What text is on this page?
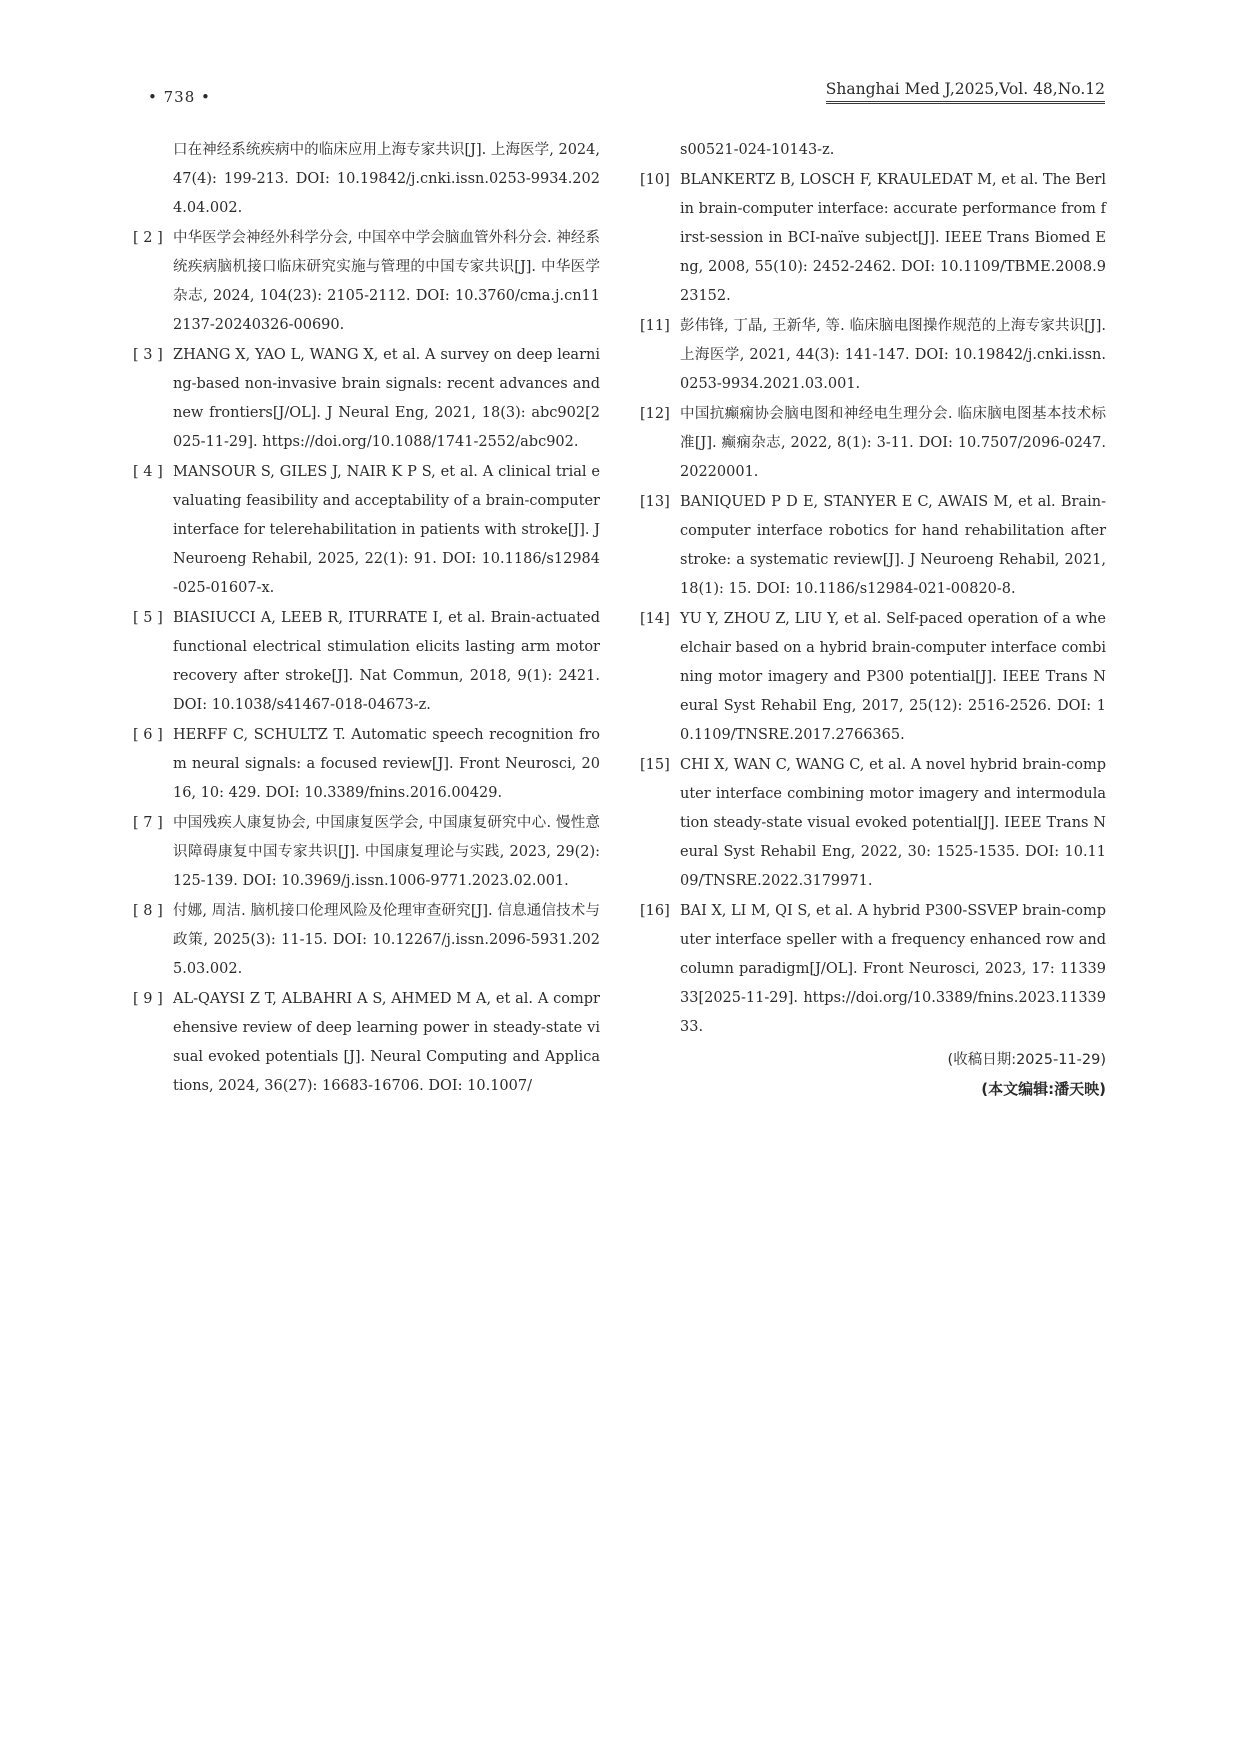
• 738 •	Shanghai Med J,2025,Vol. 48,No.12
口在神经系统疾病中的临床应用上海专家共识[J]. 上海医学, 2024, 47(4): 199-213. DOI: 10.19842/j.cnki.issn.0253-9934.2024.04.002.
[ 2 ] 中华医学会神经外科学分会, 中国卒中学会脑血管外科分会. 神经系统疾病脑机接口临床研究实施与管理的中国专家共识[J]. 中华医学杂志, 2024, 104(23): 2105-2112. DOI: 10.3760/cma.j.cn112137-20240326-00690.
[ 3 ] ZHANG X, YAO L, WANG X, et al. A survey on deep learning-based non-invasive brain signals: recent advances and new frontiers[J/OL]. J Neural Eng, 2021, 18(3): abc902[2025-11-29]. https://doi.org/10.1088/1741-2552/abc902.
[ 4 ] MANSOUR S, GILES J, NAIR K P S, et al. A clinical trial evaluating feasibility and acceptability of a brain-computer interface for telerehabilitation in patients with stroke[J]. J Neuroeng Rehabil, 2025, 22(1): 91. DOI: 10.1186/s12984-025-01607-x.
[ 5 ] BIASIUCCI A, LEEB R, ITURRATE I, et al. Brain-actuated functional electrical stimulation elicits lasting arm motor recovery after stroke[J]. Nat Commun, 2018, 9(1): 2421. DOI: 10.1038/s41467-018-04673-z.
[ 6 ] HERFF C, SCHULTZ T. Automatic speech recognition from neural signals: a focused review[J]. Front Neurosci, 2016, 10: 429. DOI: 10.3389/fnins.2016.00429.
[ 7 ] 中国残疾人康复协会, 中国康复医学会, 中国康复研究中心. 慢性意识障碍康复中国专家共识[J]. 中国康复理论与实践, 2023, 29(2): 125-139. DOI: 10.3969/j.issn.1006-9771.2023.02.001.
[ 8 ] 付娜, 周洁. 脑机接口伦理风险及伦理审查研究[J]. 信息通信技术与政策, 2025(3): 11-15. DOI: 10.12267/j.issn.2096-5931.2025.03.002.
[ 9 ] AL-QAYSI Z T, ALBAHRI A S, AHMED M A, et al. A comprehensive review of deep learning power in steady-state visual evoked potentials [J]. Neural Computing and Applications, 2024, 36(27): 16683-16706. DOI: 10.1007/
s00521-024-10143-z.
[10] BLANKERTZ B, LOSCH F, KRAULEDAT M, et al. The Berlin brain-computer interface: accurate performance from first-session in BCI-naïve subject[J]. IEEE Trans Biomed Eng, 2008, 55(10): 2452-2462. DOI: 10.1109/TBME.2008.923152.
[11] 彭伟锋, 丁晶, 王新华, 等. 临床脑电图操作规范的上海专家共识[J]. 上海医学, 2021, 44(3): 141-147. DOI: 10.19842/j.cnki.issn.0253-9934.2021.03.001.
[12] 中国抗癫痫协会脑电图和神经电生理分会. 临床脑电图基本技术标准[J]. 癫痫杂志, 2022, 8(1): 3-11. DOI: 10.7507/2096-0247.20220001.
[13] BANIQUED P D E, STANYER E C, AWAIS M, et al. Brain-computer interface robotics for hand rehabilitation after stroke: a systematic review[J]. J Neuroeng Rehabil, 2021, 18(1): 15. DOI: 10.1186/s12984-021-00820-8.
[14] YU Y, ZHOU Z, LIU Y, et al. Self-paced operation of a wheelchair based on a hybrid brain-computer interface combining motor imagery and P300 potential[J]. IEEE Trans Neural Syst Rehabil Eng, 2017, 25(12): 2516-2526. DOI: 10.1109/TNSRE.2017.2766365.
[15] CHI X, WAN C, WANG C, et al. A novel hybrid brain-computer interface combining motor imagery and intermodulation steady-state visual evoked potential[J]. IEEE Trans Neural Syst Rehabil Eng, 2022, 30: 1525-1535. DOI: 10.1109/TNSRE.2022.3179971.
[16] BAI X, LI M, QI S, et al. A hybrid P300-SSVEP brain-computer interface speller with a frequency enhanced row and column paradigm[J/OL]. Front Neurosci, 2023, 17: 1133933[2025-11-29]. https://doi.org/10.3389/fnins.2023.1133933.
(收稿日期:2025-11-29)
(本文编辑:潘天映)
